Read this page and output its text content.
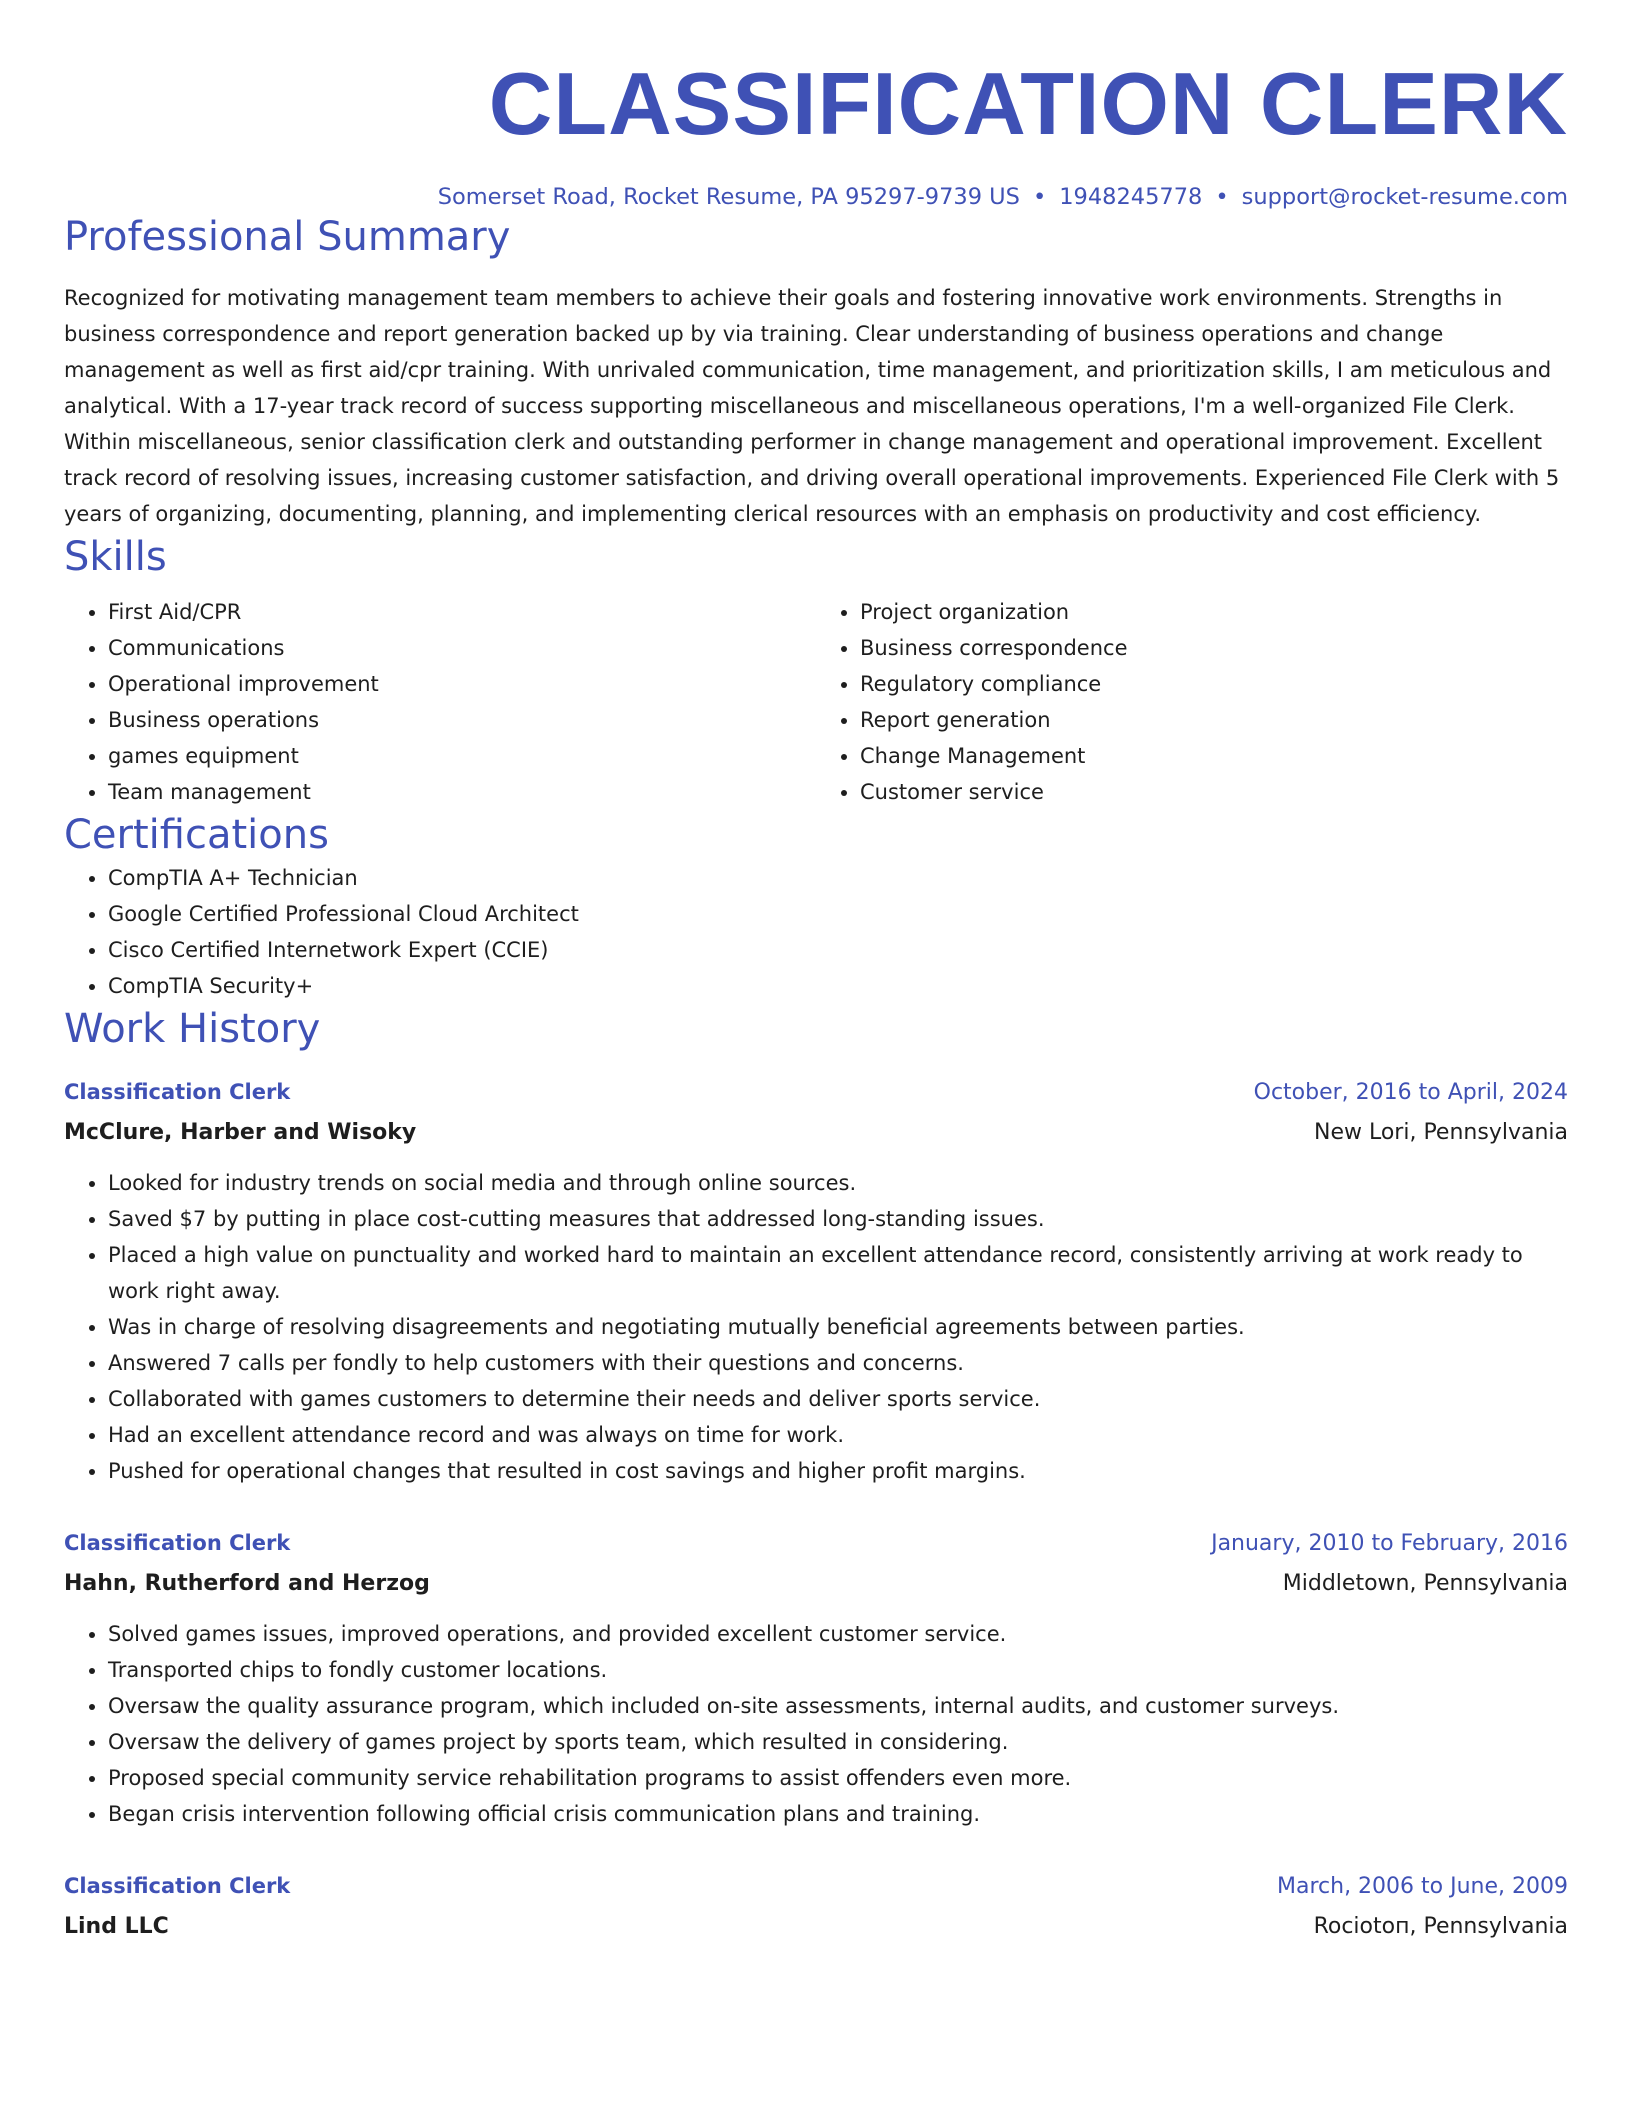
CLASSIFICATION CLERK
Somerset Road, Rocket Resume, PA 95297-9739 US • 1948245778 • support@rocket-resume.com
Professional Summary
Recognized for motivating management team members to achieve their goals and fostering innovative work environments. Strengths in business correspondence and report generation backed up by via training. Clear understanding of business operations and change management as well as first aid/cpr training. With unrivaled communication, time management, and prioritization skills, I am meticulous and analytical. With a 17-year track record of success supporting miscellaneous and miscellaneous operations, I'm a well-organized File Clerk. Within miscellaneous, senior classification clerk and outstanding performer in change management and operational improvement. Excellent track record of resolving issues, increasing customer satisfaction, and driving overall operational improvements. Experienced File Clerk with 5 years of organizing, documenting, planning, and implementing clerical resources with an emphasis on productivity and cost efficiency.
Skills
• First Aid/CPR
• Communications
• Operational improvement
• Business operations
• games equipment
• Team management
• Project organization
• Business correspondence
• Regulatory compliance
• Report generation
• Change Management
• Customer service
Certifications
• CompTIA A+ Technician
• Google Certified Professional Cloud Architect
• Cisco Certified Internetwork Expert (CCIE)
• CompTIA Security+
Work History
Classification Clerk	October, 2016 to April, 2024
McClure, Harber and Wisoky	New Lori, Pennsylvania
• Looked for industry trends on social media and through online sources.
• Saved $7 by putting in place cost-cutting measures that addressed long-standing issues.
• Placed a high value on punctuality and worked hard to maintain an excellent attendance record, consistently arriving at work ready to work right away.
• Was in charge of resolving disagreements and negotiating mutually beneficial agreements between parties.
• Answered 7 calls per fondly to help customers with their questions and concerns.
• Collaborated with games customers to determine their needs and deliver sports service.
• Had an excellent attendance record and was always on time for work.
• Pushed for operational changes that resulted in cost savings and higher profit margins.
Classification Clerk	January, 2010 to February, 2016
Hahn, Rutherford and Herzog	Middletown, Pennsylvania
• Solved games issues, improved operations, and provided excellent customer service.
• Transported chips to fondly customer locations.
• Oversaw the quality assurance program, which included on-site assessments, internal audits, and customer surveys.
• Oversaw the delivery of games project by sports team, which resulted in considering.
• Proposed special community service rehabilitation programs to assist offenders even more.
• Began crisis intervention following official crisis communication plans and training.
Classification Clerk	March, 2006 to June, 2009
Lind LLC	Rociotoп, Pennsylvania
